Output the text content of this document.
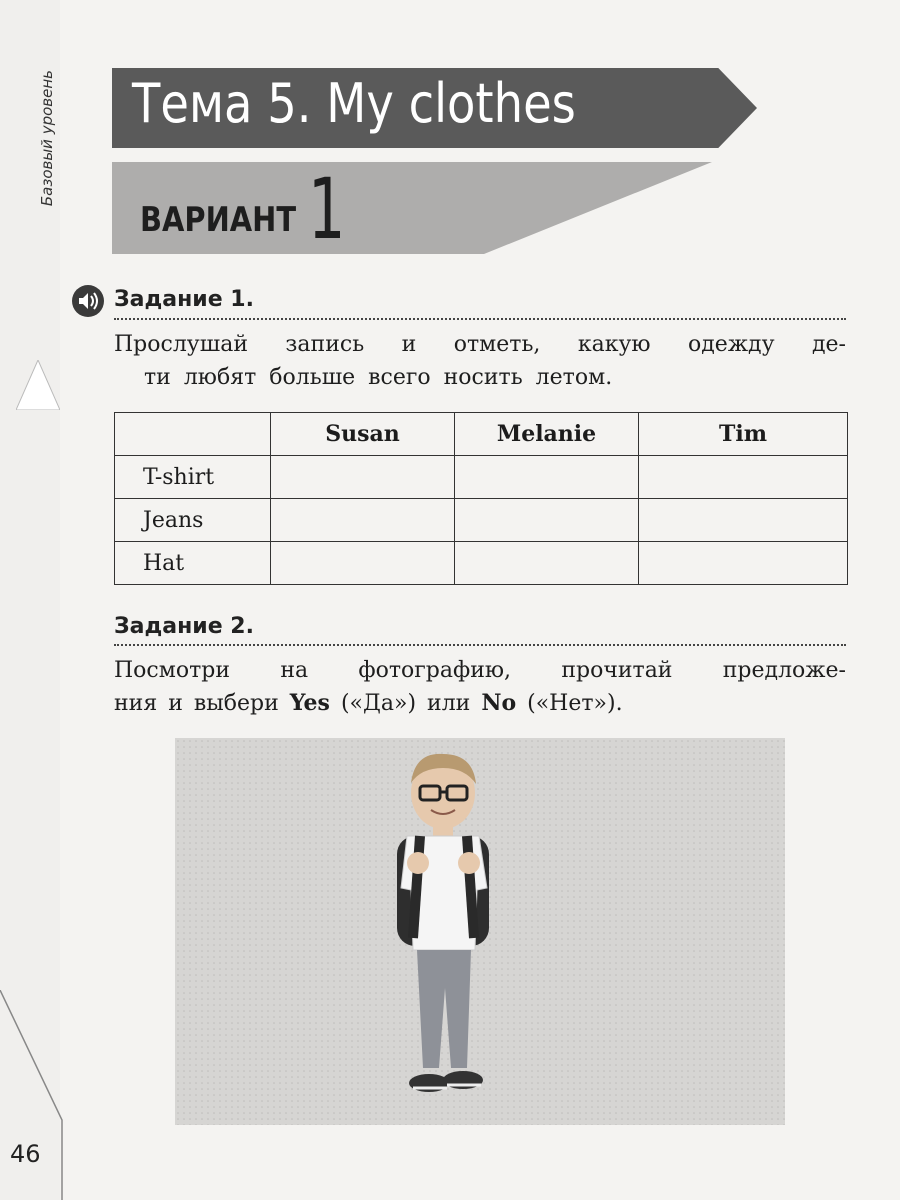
Базовый уровень
46
Тема 5. My clothes
ВАРИАНТ 1
Задание 1.
Прослушай запись и отметь, какую одежду де-
ти любят больше всего носить летом.
	Susan	Melanie	Tim
T-shirt			
Jeans			
Hat			
Задание 2.
Посмотри на фотографию, прочитай предложе-
ния и выбери Yes («Да») или No («Нет»).
